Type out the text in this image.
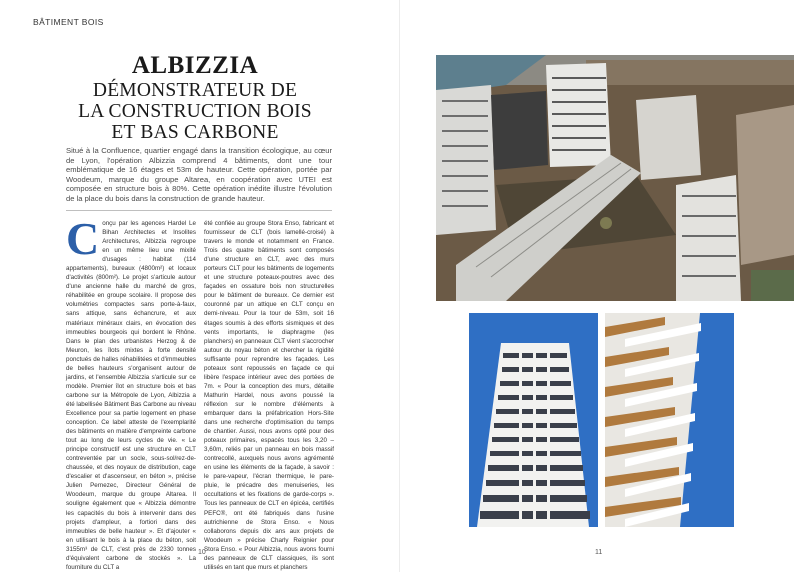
BÂTIMENT BOIS
ALBIZZIA
DÉMONSTRATEUR DE
LA CONSTRUCTION BOIS
ET BAS CARBONE
Situé à la Confluence, quartier engagé dans la transition écologique, au cœur de Lyon, l'opération Albizzia comprend 4 bâtiments, dont une tour emblématique de 16 étages et 53m de hauteur. Cette opération, portée par Woodeum, marque du groupe Altarea, en coopération avec UTEI est composée en structure bois à 80%. Cette opération inédite illustre l'évolution de la place du bois dans la construction de grande hauteur.
C onçu par les agences Hardel Le Bihan Architectes et Insolites Architectures, Albizzia regroupe en un même lieu une mixité d'usages : habitat (114 appartements), bureaux (4800m²) et locaux d'activités (800m²). Le projet s'articule autour d'une ancienne halle du marché de gros, réhabilitée en groupe scolaire. Il propose des volumétries compactes sans porte-à-faux, sans attique, sans échancrure, et aux matériaux minéraux clairs, en évocation des immeubles bourgeois qui bordent le Rhône. Dans le plan des urbanistes Herzog & de Meuron, les îlots mixtes à forte densité ponctués de halles réhabilitées et d'immeubles de belles hauteurs s'organisent autour de jardins, et l'ensemble Albizzia s'articule sur ce modèle. Premier îlot en structure bois et bas carbone sur la Métropole de Lyon, Albizzia a été labellisée Bâtiment Bas Carbone au niveau Excellence pour sa partie logement en phase conception. Ce label atteste de l'exemplarité des bâtiments en matière d'empreinte carbone tout au long de leurs cycles de vie. « Le principe constructif est une structure en CLT contreventée par un socle, sous-sol/rez-de-chaussée, et des noyaux de distribution, cage d'escalier et d'ascenseur, en béton », précise Julien Pernezec, Directeur Général de Woodeum, marque du groupe Altarea. Il souligne également que « Albizzia démontre les capacités du bois à intervenir dans des projets d'ampleur, a fortiori dans des immeubles de belle hauteur ». Et d'ajouter « en utilisant le bois à la place du béton, soit 3155m³ de CLT, c'est près de 2330 tonnes d'équivalent carbone de stockés ». La fourniture du CLT a

été confiée au groupe Stora Enso, fabricant et fournisseur de CLT (bois lamellé-croisé) à travers le monde et notamment en France. Trois des quatre bâtiments sont composés d'une structure en CLT, avec des murs porteurs CLT pour les bâtiments de logements et une structure poteaux-poutres avec des façades en ossature bois non structurelles pour le bâtiment de bureaux. Ce dernier est couronné par un attique en CLT conçu en demi-niveau. Pour la tour de 53m, soit 16 étages soumis à des efforts sismiques et des vents importants, le diaphragme (les planchers) en panneaux CLT vient s'accrocher autour du noyau béton et chercher la rigidité suffisante pour reprendre les façades. Les poteaux sont repoussés en façade ce qui libère l'espace intérieur avec des portées de 7m. « Pour la conception des murs, détaille Mathurin Hardel, nous avons poussé la réflexion sur le nombre d'éléments à embarquer dans la préfabrication Hors-Site dans une recherche d'optimisation du temps de chantier. Aussi, nous avons opté pour des poteaux primaires, espacés tous les 3,20 – 3,60m, reliés par un panneau en bois massif contrecollé, auxquels nous avons agrémenté en usine les éléments de la façade, à savoir : le pare-vapeur, l'écran thermique, le pare-pluie, le précadre des menuiseries, les occultations et les fixations de garde-corps ». Tous les panneaux de CLT en épicéa, certifiés PEFC®, ont été fabriqués dans l'usine autrichienne de Stora Enso. « Nous collaborons depuis dix ans aux projets de Woodeum » précise Charly Reignier pour Stora Enso. « Pour Albizzia, nous avons fourni des panneaux de CLT classiques, ils sont utilisés en tant que murs et planchers

10	11
